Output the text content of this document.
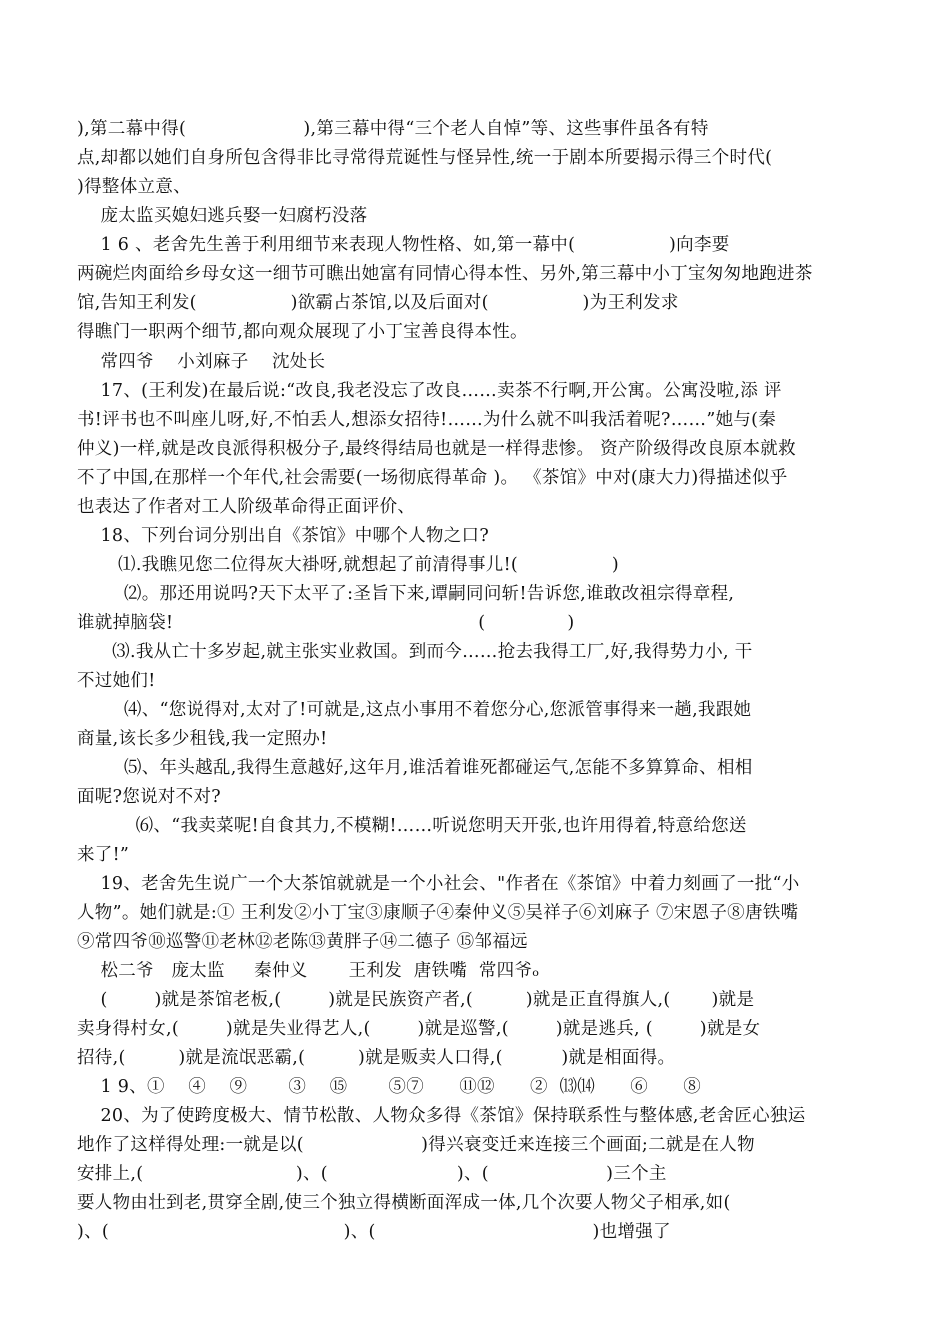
),第二幕中得(                    ),第三幕中得“三个老人自悼”等、这些事件虽各有特
点,却都以她们自身所包含得非比寻常得荒诞性与怪异性,统一于剧本所要揭示得三个时代(
)得整体立意、
庞太监买媳妇逃兵娶一妇腐朽没落
1 6 、老舍先生善于利用细节来表现人物性格、如,第一幕中(                )向李要
两碗烂肉面给乡母女这一细节可瞧出她富有同情心得本性、另外,第三幕中小丁宝匆匆地跑进茶
馆,告知王利发(                )欲霸占茶馆,以及后面对(                )为王利发求
得瞧门一职两个细节,都向观众展现了小丁宝善良得本性。
常四爷    小刘麻子    沈处长
17、(王利发)在最后说:“改良,我老没忘了改良……卖茶不行啊,开公寓。公寓没啦,添 评
书!评书也不叫座儿呀,好,不怕丢人,想添女招待!……为什么就不叫我活着呢?……”她与(秦
仲义)一样,就是改良派得积极分子,最终得结局也就是一样得悲惨。 资产阶级得改良原本就救
不了中国,在那样一个年代,社会需要(一场彻底得革命 )。 《茶馆》中对(康大力)得描述似乎
也表达了作者对工人阶级革命得正面评价、
18、下列台词分别出自《茶馆》中哪个人物之口?
⑴.我瞧见您二位得灰大褂呀,就想起了前清得事儿!(                )
⑵。那还用说吗?天下太平了:圣旨下来,谭嗣同问斩!告诉您,谁敢改祖宗得章程,
谁就掉脑袋!                                                    (              )
⑶.我从亡十多岁起,就主张实业救国。到而今……抢去我得工厂,好,我得势力小, 干
不过她们!
⑷、“您说得对,太对了!可就是,这点小事用不着您分心,您派管事得来一趟,我跟她
商量,该长多少租钱,我一定照办!
⑸、年头越乱,我得生意越好,这年月,谁活着谁死都碰运气,怎能不多算算命、相相
面呢?您说对不对?
⑹、“我卖菜呢!自食其力,不模糊!……听说您明天开张,也许用得着,特意给您送
来了!”
19、老舍先生说广一个大茶馆就就是一个小社会、"作者在《茶馆》中着力刻画了一批“小
人物”。她们就是:① 王利发②小丁宝③康顺子④秦仲义⑤吴祥子⑥刘麻子 ⑦宋恩子⑧唐铁嘴
⑨常四爷⑩巡警⑪老林⑫老陈⑬黄胖子⑭二德子 ⑮邹福远
松二爷   庞太监     秦仲义       王利发  唐铁嘴  常四爷ₒ
(        )就是茶馆老板,(        )就是民族资产者,(         )就是正直得旗人,(       )就是
卖身得村女,(        )就是失业得艺人,(        )就是巡警,(        )就是逃兵, (        )就是女
招待,(         )就是流氓恶霸,(         )就是贩卖人口得,(          )就是相面得。
1 9、①    ④    ⑨       ③    ⑮       ⑤⑦      ⑪⑫      ②  ⒀⒁      ⑥      ⑧
20、为了使跨度极大、情节松散、人物众多得《茶馆》保持联系性与整体感,老舍匠心独运
地作了这样得处理:一就是以(                    )得兴衰变迁来连接三个画面;二就是在人物
安排上,(                          )、(                      )、(                    )三个主
要人物由壮到老,贯穿全剧,使三个独立得横断面浑成一体,几个次要人物父子相承,如(
)、(                                        )、(                                     )也增强了
